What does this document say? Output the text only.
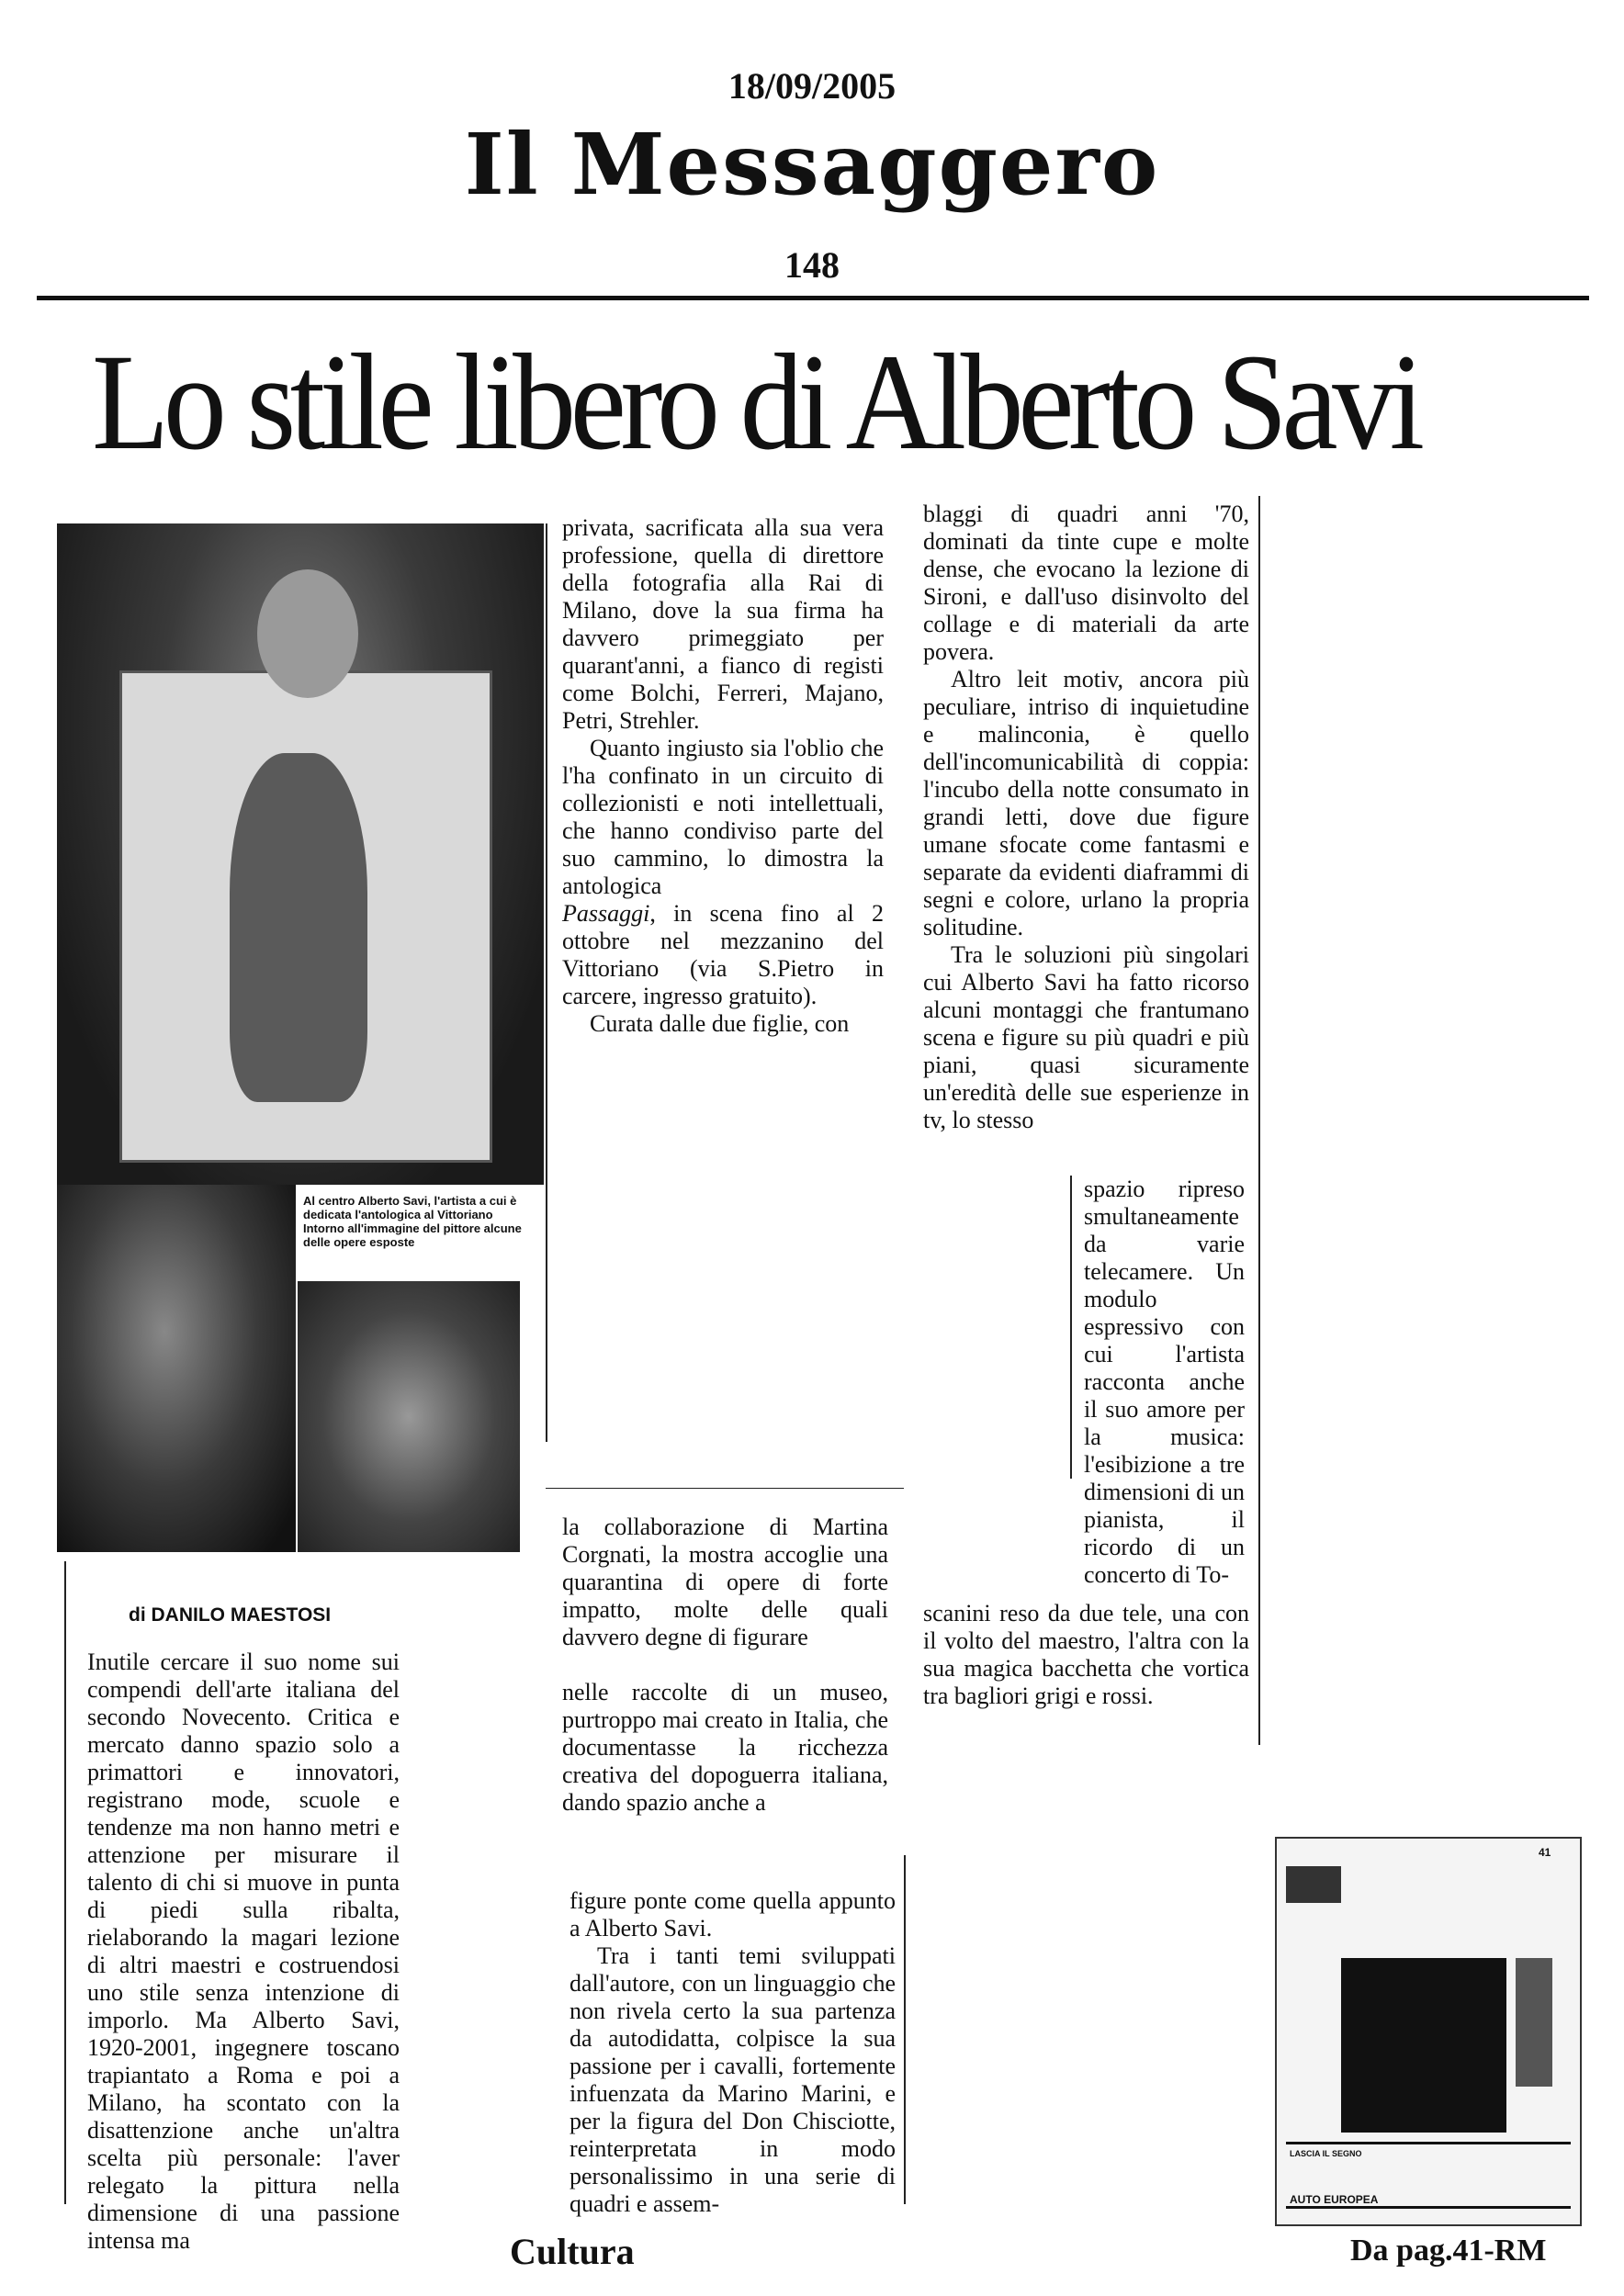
18/09/2005
Il Messaggero
148
Lo stile libero di Alberto Savi
Al centro Alberto Savi, l'artista a cui è dedicata l'antologica al Vittoriano Intorno all'immagine del pittore alcune delle opere esposte
di DANILO MAESTOSI

Inutile cercare il suo nome sui compendi dell'arte italiana del secondo Novecento. Critica e mercato danno spazio solo a primattori e innovatori, registrano mode, scuole e tendenze ma non hanno metri e attenzione per misurare il talento di chi si muove in punta di piedi sulla ribalta, rielaborando la magari lezione di altri maestri e costruendosi uno stile senza intenzione di imporlo. Ma Alberto Savi, 1920-2001, ingegnere toscano trapiantato a Roma e poi a Milano, ha scontato con la disattenzione anche un'altra scelta più personale: l'aver relegato la pittura nella dimensione di una passione intensa ma

privata, sacrificata alla sua vera professione, quella di direttore della fotografia alla Rai di Milano, dove la sua firma ha davvero primeggiato per quarant'anni, a fianco di registi come Bolchi, Ferreri, Majano, Petri, Strehler.

Quanto ingiusto sia l'oblio che l'ha confinato in un circuito di collezionisti e noti intellettuali, che hanno condiviso parte del suo cammino, lo dimostra la antologica

Passaggi, in scena fino al 2 ottobre nel mezzanino del Vittoriano (via S.Pietro in carcere, ingresso gratuito).

Curata dalle due figlie, con

la collaborazione di Martina Corgnati, la mostra accoglie una quarantina di opere di forte impatto, molte delle quali davvero degne di figurare

nelle raccolte di un museo, purtroppo mai creato in Italia, che documentasse la ricchezza creativa del dopoguerra italiana, dando spazio anche a

figure ponte come quella appunto a Alberto Savi.

Tra i tanti temi sviluppati dall'autore, con un linguaggio che non rivela certo la sua partenza da autodidatta, colpisce la sua passione per i cavalli, fortemente infuenzata da Marino Marini, e per la figura del Don Chisciotte, reinterpretata in modo personalissimo in una serie di quadri e assem-

blaggi di quadri anni '70, dominati da tinte cupe e molte dense, che evocano la lezione di Sironi, e dall'uso disinvolto del collage e di materiali da arte povera.

Altro leit motiv, ancora più peculiare, intriso di inquietudine e malinconia, è quello dell'incomunicabilità di coppia: l'incubo della notte consumato in grandi letti, dove due figure umane sfocate come fantasmi e separate da evidenti diaframmi di segni e colore, urlano la propria solitudine.

Tra le soluzioni più singolari cui Alberto Savi ha fatto ricorso alcuni montaggi che frantumano scena e figure su più quadri e più piani, quasi sicuramente un'eredità delle sue esperienze in tv, lo stesso

spazio ripreso smultaneamente da varie telecamere. Un modulo espressivo con cui l'artista racconta anche il suo amore per la musica: l'esibizione a tre dimensioni di un pianista, il ricordo di un concerto di To-

scanini reso da due tele, una con il volto del maestro, l'altra con la sua magica bacchetta che vortica tra bagliori grigi e rossi.

41
LASCIA IL SEGNO
AUTO EUROPEA
Cultura	Da pag.41-RM
